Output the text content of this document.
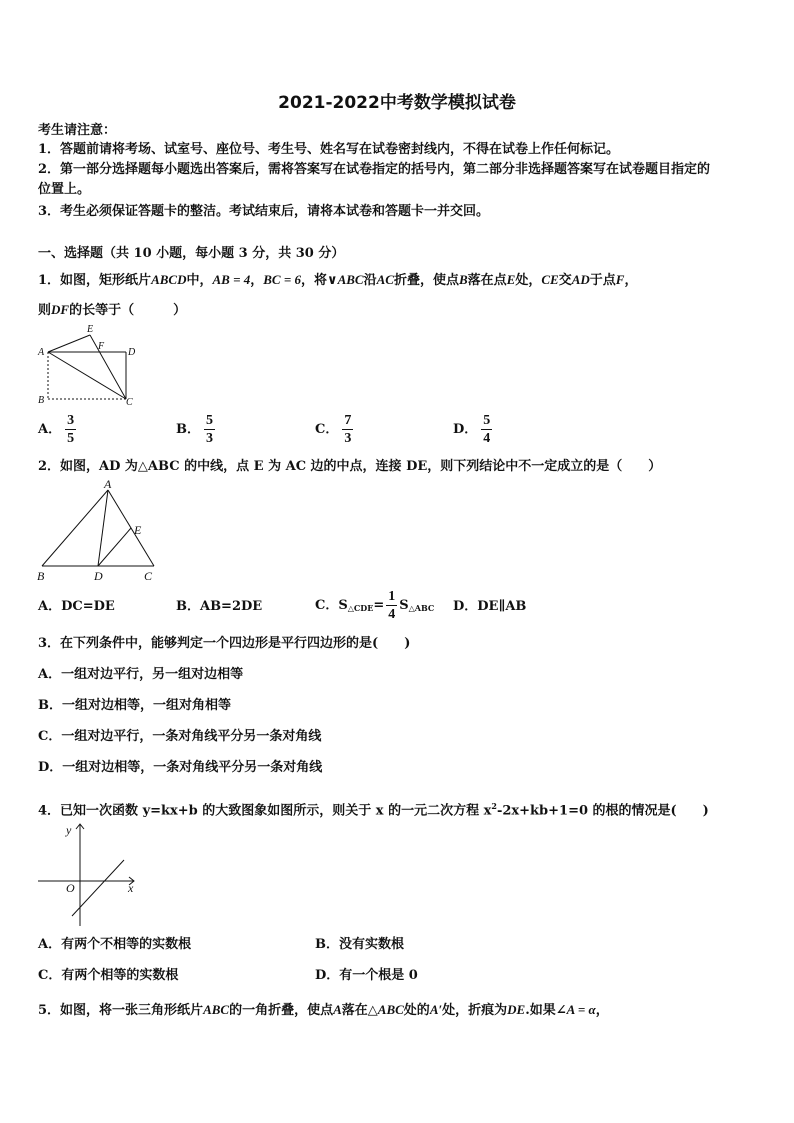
2021-2022中考数学模拟试卷
考生请注意：
1．答题前请将考场、试室号、座位号、考生号、姓名写在试卷密封线内，不得在试卷上作任何标记。
2．第一部分选择题每小题选出答案后，需将答案写在试卷指定的括号内，第二部分非选择题答案写在试卷题目指定的
位置上。
3．考生必须保证答题卡的整洁。考试结束后，请将本试卷和答题卡一并交回。
一、选择题（共 10 小题，每小题 3 分，共 30 分）
1．如图，矩形纸片ABCD中，AB = 4，BC = 6，将∨ABC沿AC折叠，使点B落在点E处，CE交AD于点F，
则DF的长等于（　　　）
E
A
F
D
B	C
A． $\frac{3}{5}$	B． $\frac{5}{3}$	C． $\frac{7}{3}$	D． $\frac{5}{4}$
2．如图，AD 为△ABC 的中线，点 E 为 AC 边的中点，连接 DE，则下列结论中不一定成立的是（　　）
A
E
B	D	C
A．DC=DE	B．AB=2DE	C．$S_{\triangle CDE}= \frac{1}{4} S_{\triangle ABC}$ D．DE∥AB
3．在下列条件中，能够判定一个四边形是平行四边形的是(　　)
A．一组对边平行，另一组对边相等
B．一组对边相等，一组对角相等
C．一组对边平行，一条对角线平分另一条对角线
D．一组对边相等，一条对角线平分另一条对角线
4．已知一次函数 y=kx+b 的大致图象如图所示，则关于 x 的一元二次方程 $x^2-2x+kb+1=0$ 的根的情况是(　　)
y
x
O
A．有两个不相等的实数根	B．没有实数根
C．有两个相等的实数根	D．有一个根是 0
5．如图，将一张三角形纸片ABC的一角折叠，使点A落在△ABC处的A′处，折痕为DE.如果∠A = α，
